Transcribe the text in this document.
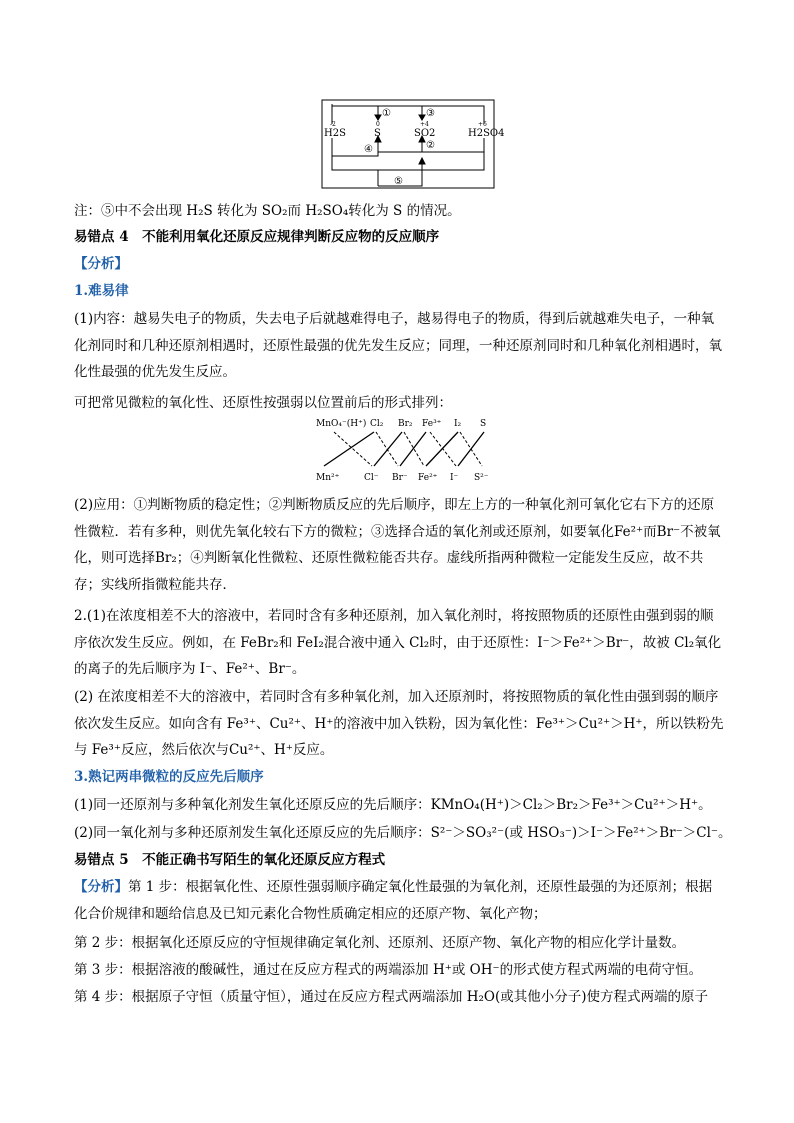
H2S	S	SO2	H2SO4
-2	0	+4	+6
①
②
③
④
⑤
注：⑤中不会出现 H₂S 转化为 SO₂而 H₂SO₄转化为 S 的情况。
易错点 4　不能利用氧化还原反应规律判断反应物的反应顺序
【分析】
1.难易律
(1)内容：越易失电子的物质，失去电子后就越难得电子，越易得电子的物质，得到后就越难失电子，一种氧化剂同时和几种还原剂相遇时，还原性最强的优先发生反应；同理，一种还原剂同时和几种氧化剂相遇时，氧化性最强的优先发生反应。
可把常见微粒的氧化性、还原性按强弱以位置前后的形式排列：
MnO₄⁻(H⁺) Cl₂ Br₂ Fe³⁺ I₂ S
Mn²⁺	Cl⁻ Br⁻ Fe²⁺ I⁻ S²⁻
(2)应用：①判断物质的稳定性；②判断物质反应的先后顺序，即左上方的一种氧化剂可氧化它右下方的还原性微粒．若有多种，则优先氧化较右下方的微粒；③选择合适的氧化剂或还原剂，如要氧化Fe²⁺而Br⁻不被氧化，则可选择Br₂；④判断氧化性微粒、还原性微粒能否共存。虚线所指两种微粒一定能发生反应，故不共存；实线所指微粒能共存．
2.(1)在浓度相差不大的溶液中，若同时含有多种还原剂，加入氧化剂时，将按照物质的还原性由强到弱的顺序依次发生反应。例如，在 FeBr₂和 FeI₂混合液中通入 Cl₂时，由于还原性：I⁻＞Fe²⁺＞Br⁻，故被 Cl₂氧化的离子的先后顺序为 I⁻、Fe²⁺、Br⁻。
(2) 在浓度相差不大的溶液中，若同时含有多种氧化剂，加入还原剂时，将按照物质的氧化性由强到弱的顺序依次发生反应。如向含有 Fe³⁺、Cu²⁺、H⁺的溶液中加入铁粉，因为氧化性：Fe³⁺＞Cu²⁺＞H⁺，所以铁粉先与 Fe³⁺反应，然后依次与Cu²⁺、H⁺反应。
3.熟记两串微粒的反应先后顺序
(1)同一还原剂与多种氧化剂发生氧化还原反应的先后顺序：KMnO₄(H⁺)＞Cl₂＞Br₂＞Fe³⁺＞Cu²⁺＞H⁺。
(2)同一氧化剂与多种还原剂发生氧化还原反应的先后顺序：S²⁻＞SO₃²⁻(或 HSO₃⁻)＞I⁻＞Fe²⁺＞Br⁻＞Cl⁻。
易错点 5　不能正确书写陌生的氧化还原反应方程式
【分析】第 1 步：根据氧化性、还原性强弱顺序确定氧化性最强的为氧化剂，还原性最强的为还原剂；根据化合价规律和题给信息及已知元素化合物性质确定相应的还原产物、氧化产物；
第 2 步：根据氧化还原反应的守恒规律确定氧化剂、还原剂、还原产物、氧化产物的相应化学计量数。
第 3 步：根据溶液的酸碱性，通过在反应方程式的两端添加 H⁺或 OH⁻的形式使方程式两端的电荷守恒。
第 4 步：根据原子守恒（质量守恒），通过在反应方程式两端添加 H₂O(或其他小分子)使方程式两端的原子
